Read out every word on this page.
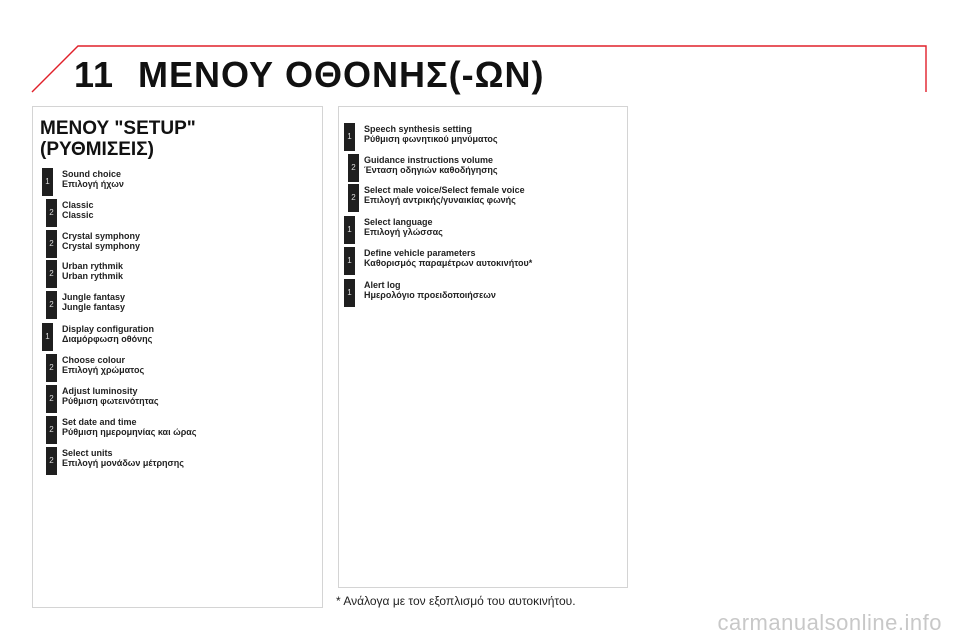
11 ΜΕΝΟΥ ΟΘΟΝΗΣ(-ΩΝ)
ΜΕΝΟΥ "SETUP"
(ΡΥΘΜΙΣΕΙΣ)
1
Sound choice
Επιλογή ήχων
2
Classic
Classic
2
Crystal symphony
Crystal symphony
2
Urban rythmik
Urban rythmik
2
Jungle fantasy
Jungle fantasy
1
Display configuration
Διαμόρφωση οθόνης
2
Choose colour
Επιλογή χρώματος
2
Adjust luminosity
Ρύθμιση φωτεινότητας
2
Set date and time
Ρύθμιση ημερομηνίας και ώρας
2
Select units
Επιλογή μονάδων μέτρησης
1
Speech synthesis setting
Ρύθμιση φωνητικού μηνύματος
2
Guidance instructions volume
Ένταση οδηγιών καθοδήγησης
2
Select male voice/Select female voice
Επιλογή αντρικής/γυναικίας φωνής
1
Select language
Επιλογή γλώσσας
1
Define vehicle parameters
Καθορισμός παραμέτρων αυτοκινήτου*
1
Alert log
Ημερολόγιο προειδοποιήσεων
* Ανάλογα με τον εξοπλισμό του αυτοκινήτου.
carmanualsonline.info
